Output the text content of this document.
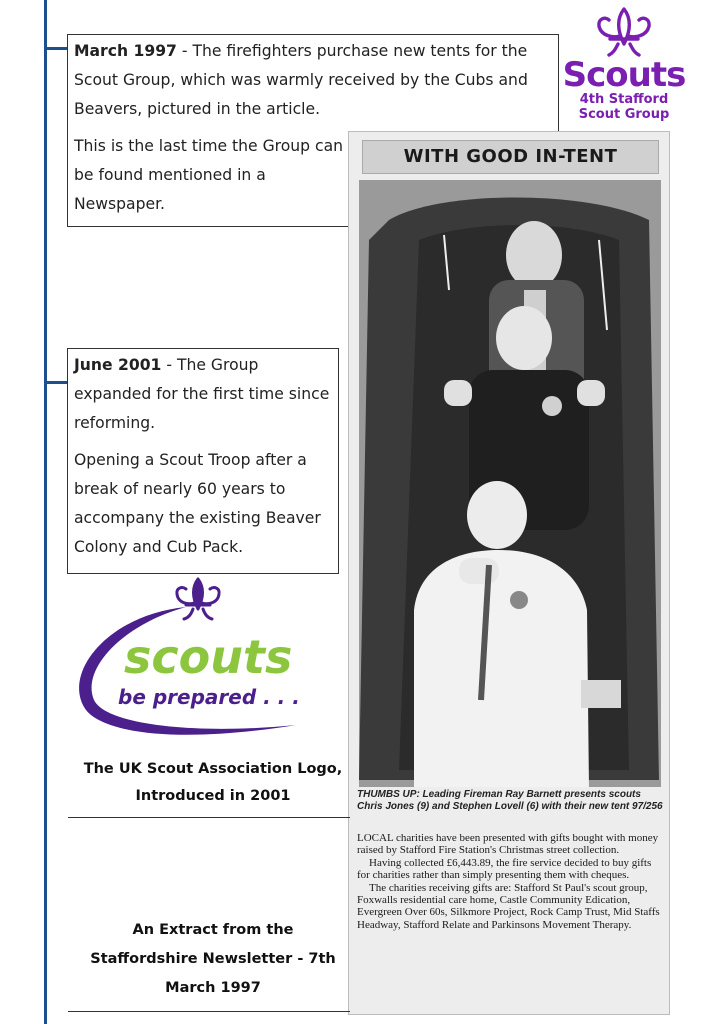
March 1997 - The firefighters purchase new tents for the Scout Group, which was warmly received by the Cubs and Beavers, pictured in the article.

This is the last time the Group can be found mentioned in a Newspaper.

June 2001 - The Group expanded for the first time since reforming.

Opening a Scout Troop after a break of nearly 60 years to accompany the existing Beaver Colony and Cub Pack.

Scouts
4th Stafford
Scout Group
WITH GOOD IN-TENT
THUMBS UP: Leading Fireman Ray Barnett presents scouts Chris Jones (9) and Stephen Lovell (6) with their new tent 97/256

LOCAL charities have been presented with gifts bought with money raised by Stafford Fire Station's Christmas street collection.

Having collected £6,443.89, the fire service decided to buy gifts for charities rather than simply presenting them with cheques.

The charities receiving gifts are: Stafford St Paul's scout group, Foxwalls residential care home, Castle Community Edication, Evergreen Over 60s, Silkmore Project, Rock Camp Trust, Mid Staffs Headway, Stafford Relate and Parkinsons Movement Therapy.

scouts
be prepared . . .
The UK Scout Association Logo,
Introduced in 2001
An Extract from the
Staffordshire Newsletter - 7th
March 1997
